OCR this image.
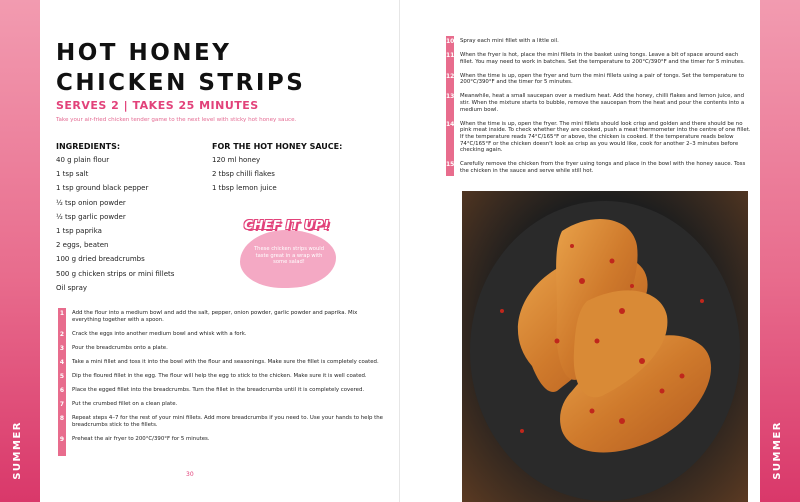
SUMMER	SUMMER
HOT HONEY
CHICKEN STRIPS
SERVES 2 | TAKES 25 MINUTES
Take your air-fried chicken tender game to the next level with sticky hot honey sauce.
INGREDIENTS:
40 g plain flour
1 tsp salt
1 tsp ground black pepper
½ tsp onion powder
½ tsp garlic powder
1 tsp paprika
2 eggs, beaten
100 g dried breadcrumbs
500 g chicken strips or mini fillets
Oil spray
FOR THE HOT HONEY SAUCE:
120 ml honey
2 tbsp chilli flakes
1 tbsp lemon juice
CHEF IT UP!
These chicken strips would taste great in a wrap with some salad!
1	Add the flour into a medium bowl and add the salt, pepper, onion powder, garlic powder and paprika. Mix everything together with a spoon.
2	Crack the eggs into another medium bowl and whisk with a fork.
3	Pour the breadcrumbs onto a plate.
4	Take a mini fillet and toss it into the bowl with the flour and seasonings. Make sure the fillet is completely coated.
5	Dip the floured fillet in the egg. The flour will help the egg to stick to the chicken. Make sure it is well coated.
6	Place the egged fillet into the breadcrumbs. Turn the fillet in the breadcrumbs until it is completely covered.
7	Put the crumbed fillet on a clean plate.
8	Repeat steps 4–7 for the rest of your mini fillets. Add more breadcrumbs if you need to. Use your hands to help the breadcrumbs stick to the fillets.
9	Preheat the air fryer to 200°C/390°F for 5 minutes.
30
10 Spray each mini fillet with a little oil.
11 When the fryer is hot, place the mini fillets in the basket using tongs. Leave a bit of space around each fillet. You may need to work in batches. Set the temperature to 200°C/390°F and the timer for 5 minutes.
12 When the time is up, open the fryer and turn the mini fillets using a pair of tongs. Set the temperature to 200°C/390°F and the timer for 5 minutes.
13 Meanwhile, heat a small saucepan over a medium heat. Add the honey, chilli flakes and lemon juice, and stir. When the mixture starts to bubble, remove the saucepan from the heat and pour the contents into a medium bowl.
14 When the time is up, open the fryer. The mini fillets should look crisp and golden and there should be no pink meat inside. To check whether they are cooked, push a meat thermometer into the centre of one fillet. If the temperature reads 74°C/165°F or above, the chicken is cooked. If the temperature reads below 74°C/165°F or the chicken doesn't look as crisp as you would like, cook for another 2–3 minutes before checking again.
15 Carefully remove the chicken from the fryer using tongs and place in the bowl with the honey sauce. Toss the chicken in the sauce and serve while still hot.
